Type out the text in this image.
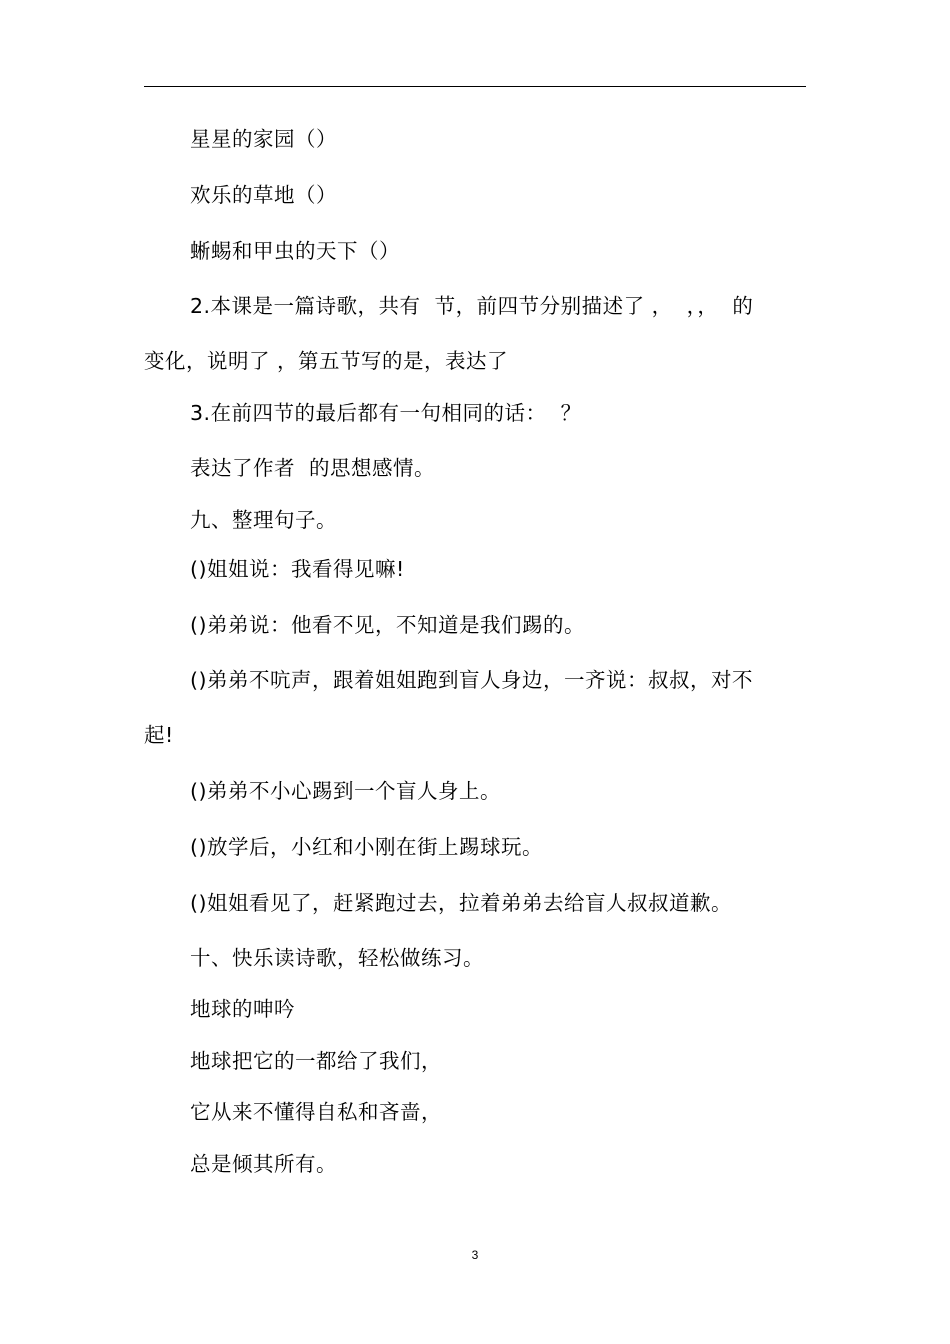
星星的家园（）
欢乐的草地（）
蜥蜴和甲虫的天下（）
2.本课是一篇诗歌，共有  节，前四节分别描述了 ，  ，，  的
变化，说明了 ，第五节写的是，表达了
3.在前四节的最后都有一句相同的话：  ？
表达了作者  的思想感情。
九、整理句子。
()姐姐说：我看得见嘛!
()弟弟说：他看不见，不知道是我们踢的。
()弟弟不吭声，跟着姐姐跑到盲人身边，一齐说：叔叔，对不
起!
()弟弟不小心踢到一个盲人身上。
()放学后，小红和小刚在街上踢球玩。
()姐姐看见了，赶紧跑过去，拉着弟弟去给盲人叔叔道歉。
十、快乐读诗歌，轻松做练习。
地球的呻吟
地球把它的一都给了我们，
它从来不懂得自私和吝啬，
总是倾其所有。
3
